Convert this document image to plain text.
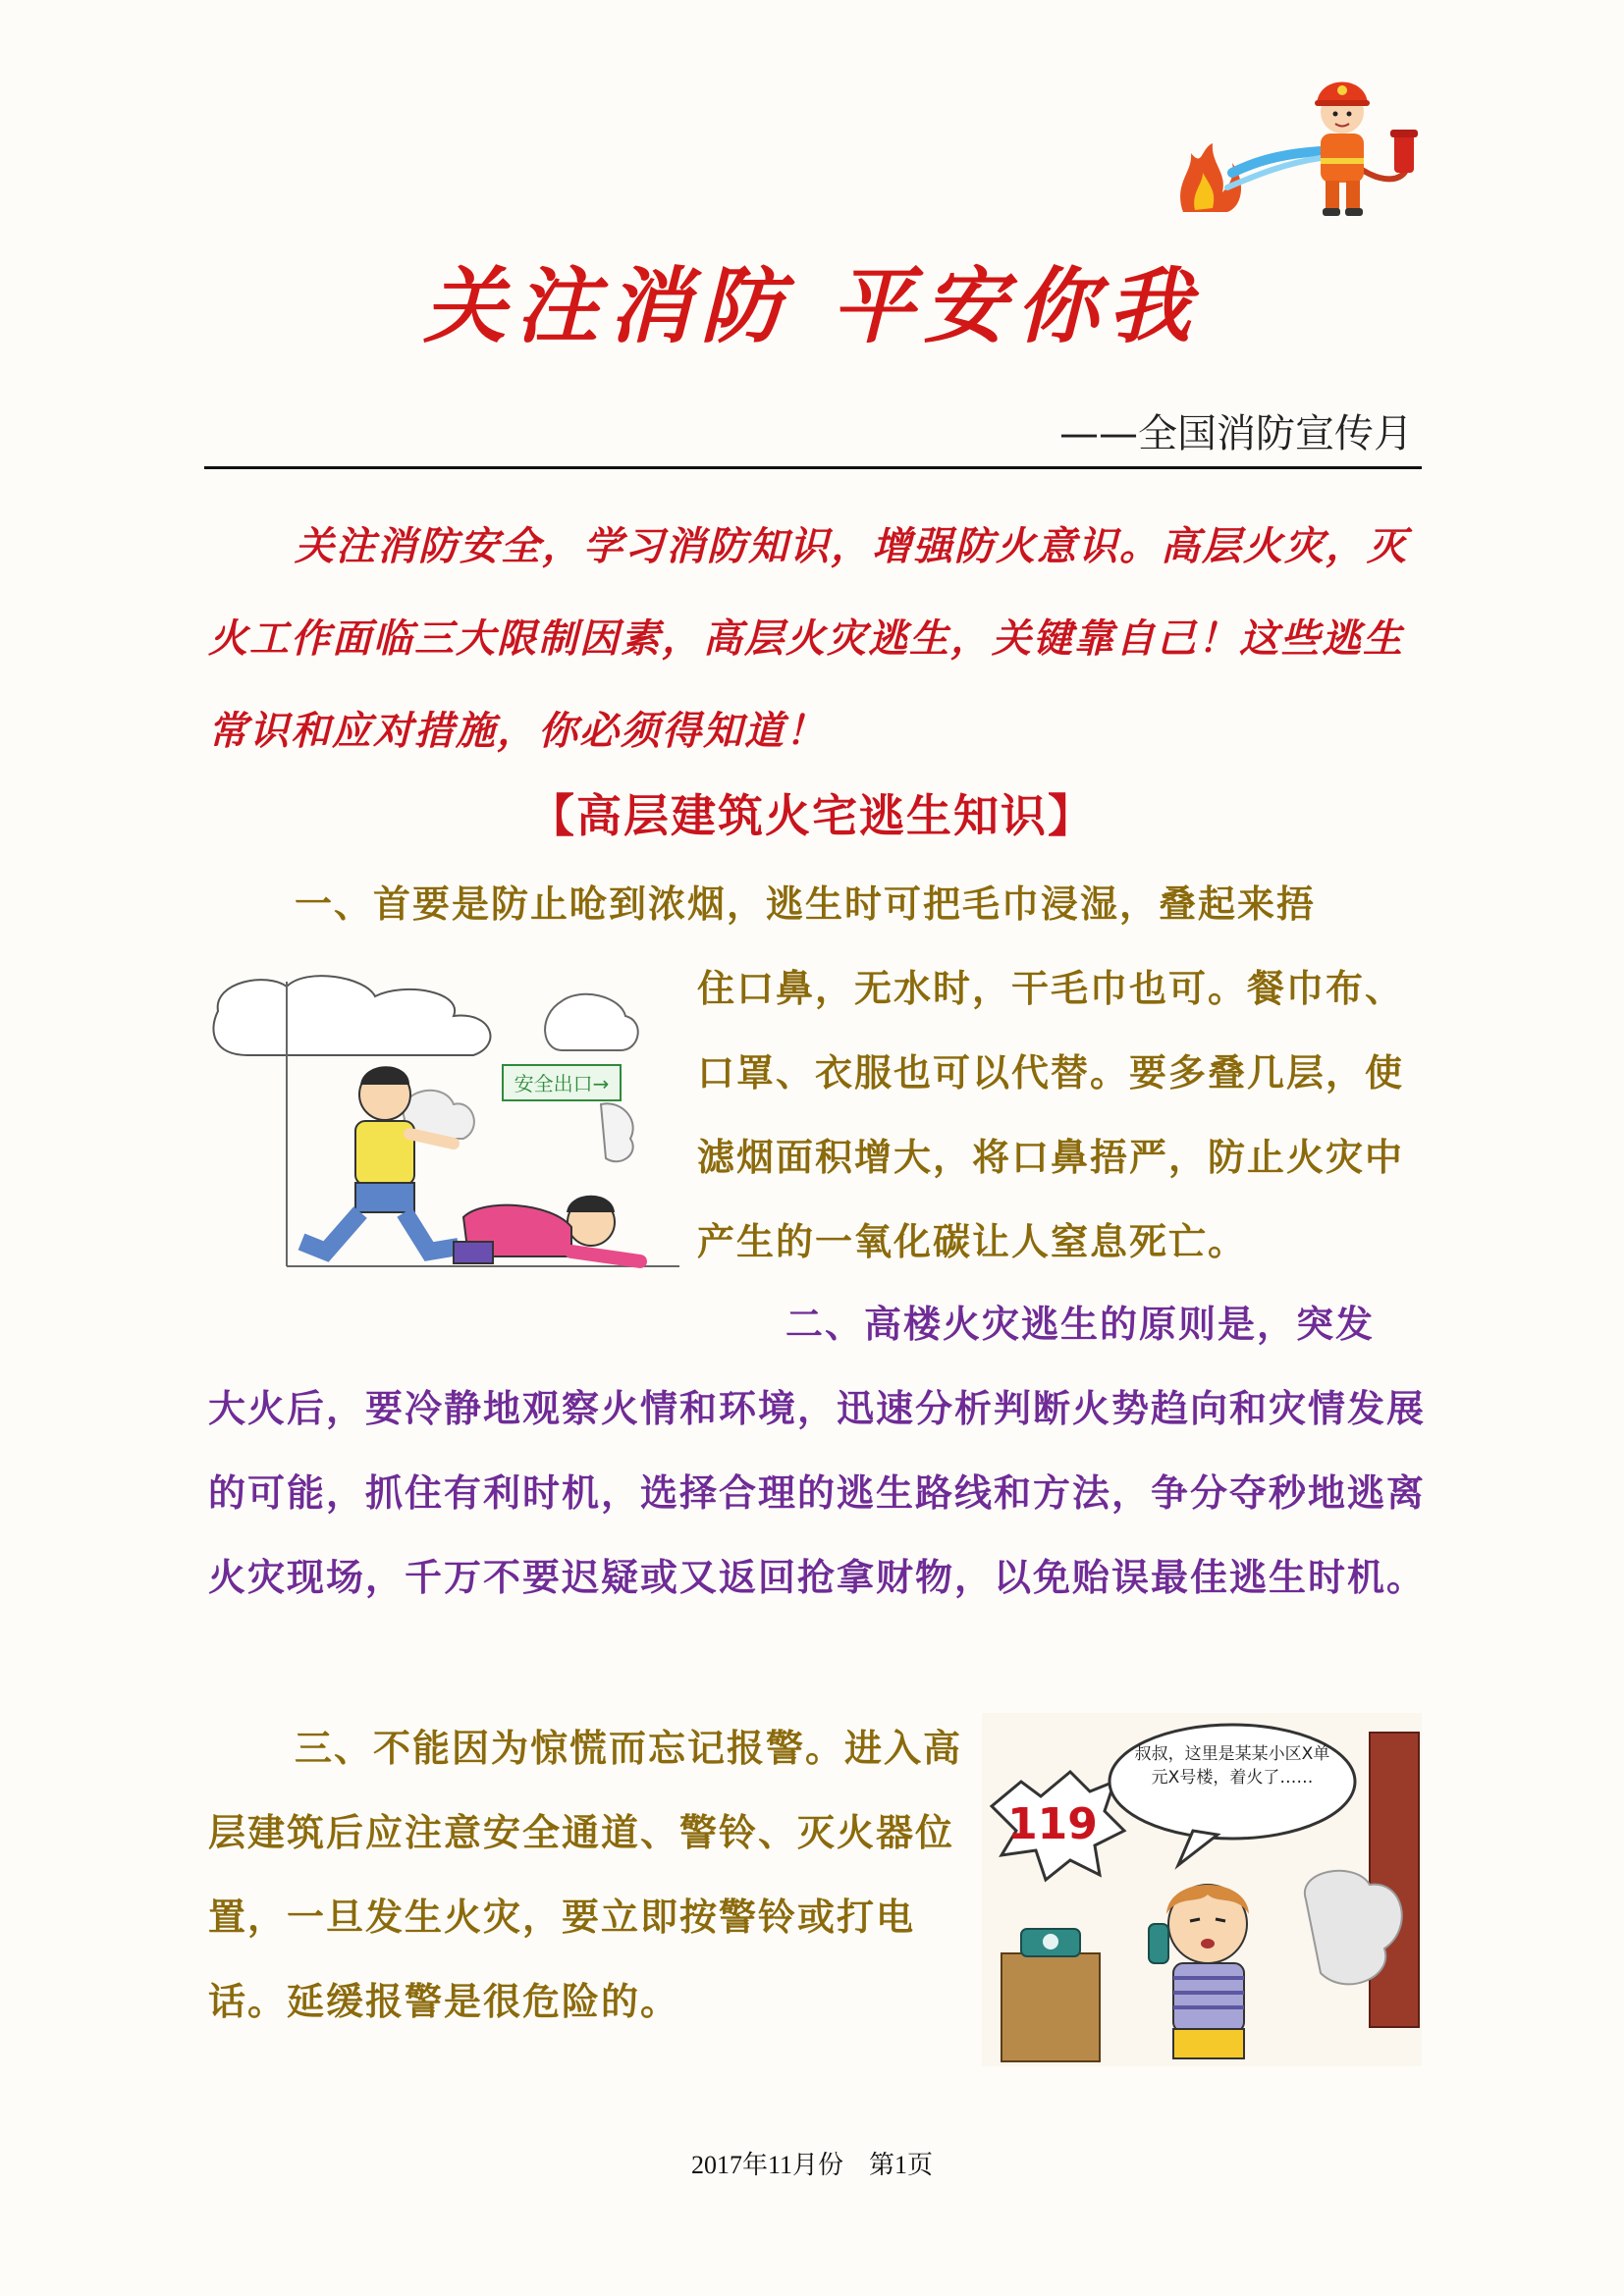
关注消防 平安你我
——全国消防宣传月
关注消防安全，学习消防知识，增强防火意识。高层火灾，灭火工作面临三大限制因素，高层火灾逃生，关键靠自己！这些逃生常识和应对措施，你必须得知道！
【高层建筑火宅逃生知识】
一、首要是防止呛到浓烟，逃生时可把毛巾浸湿，叠起来捂
住口鼻，无水时，干毛巾也可。餐巾布、口罩、衣服也可以代替。要多叠几层，使滤烟面积增大，将口鼻捂严，防止火灾中产生的一氧化碳让人窒息死亡。
安全出口→
二、高楼火灾逃生的原则是，突发
大火后，要冷静地观察火情和环境，迅速分析判断火势趋向和灾情发展的可能，抓住有利时机，选择合理的逃生路线和方法，争分夺秒地逃离火灾现场，千万不要迟疑或又返回抢拿财物，以免贻误最佳逃生时机。
三、不能因为惊慌而忘记报警。进入高层建筑后应注意安全通道、警铃、灭火器位置，一旦发生火灾，要立即按警铃或打电话。延缓报警是很危险的。
119
叔叔，这里是某某小区X单元X号楼，着火了……
2017年11月份　第1页
